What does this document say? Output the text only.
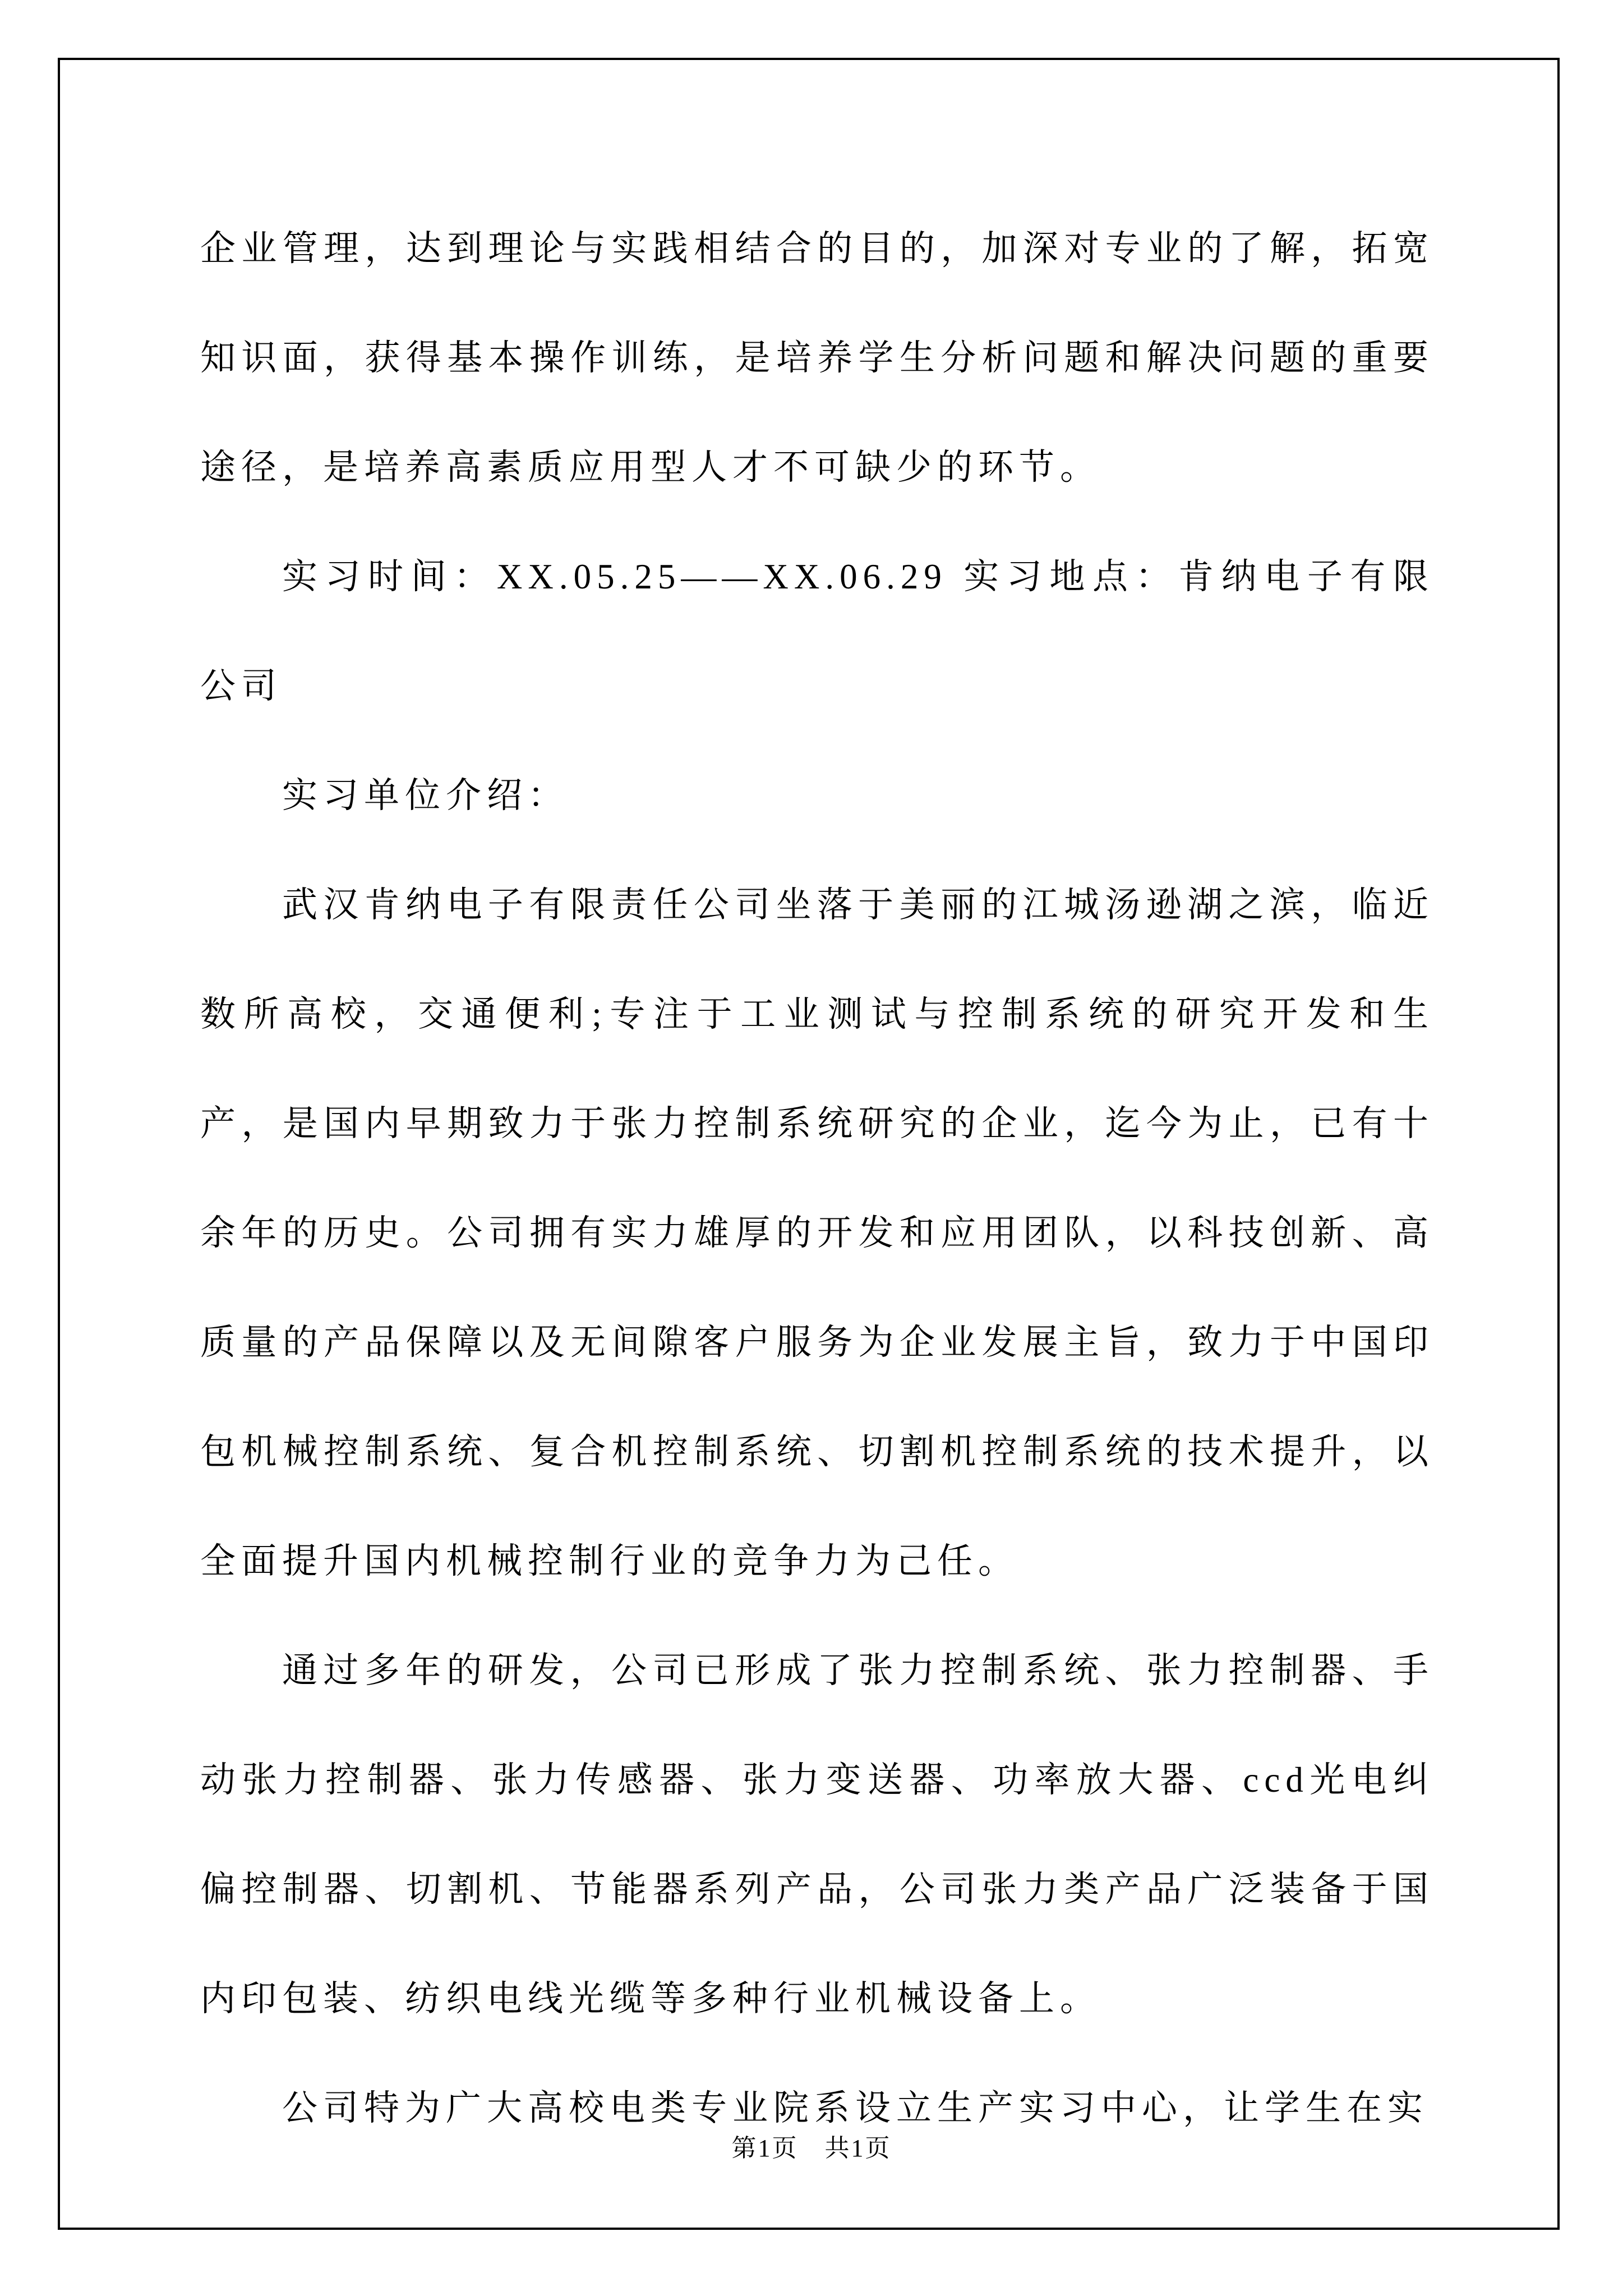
企业管理，达到理论与实践相结合的目的，加深对专业的了解，拓宽知识面，获得基本操作训练，是培养学生分析问题和解决问题的重要途径，是培养高素质应用型人才不可缺少的环节。

实习时间：XX.05.25——XX.06.29 实习地点：肯纳电子有限公司

实习单位介绍：

武汉肯纳电子有限责任公司坐落于美丽的江城汤逊湖之滨，临近数所高校，交通便利;专注于工业测试与控制系统的研究开发和生产，是国内早期致力于张力控制系统研究的企业，迄今为止，已有十余年的历史。公司拥有实力雄厚的开发和应用团队，以科技创新、高质量的产品保障以及无间隙客户服务为企业发展主旨，致力于中国印包机械控制系统、复合机控制系统、切割机控制系统的技术提升，以全面提升国内机械控制行业的竞争力为己任。

通过多年的研发，公司已形成了张力控制系统、张力控制器、手动张力控制器、张力传感器、张力变送器、功率放大器、ccd光电纠偏控制器、切割机、节能器系列产品，公司张力类产品广泛装备于国内印包装、纺织电线光缆等多种行业机械设备上。

公司特为广大高校电类专业院系设立生产实习中心，让学生在实

第1页　共1页
